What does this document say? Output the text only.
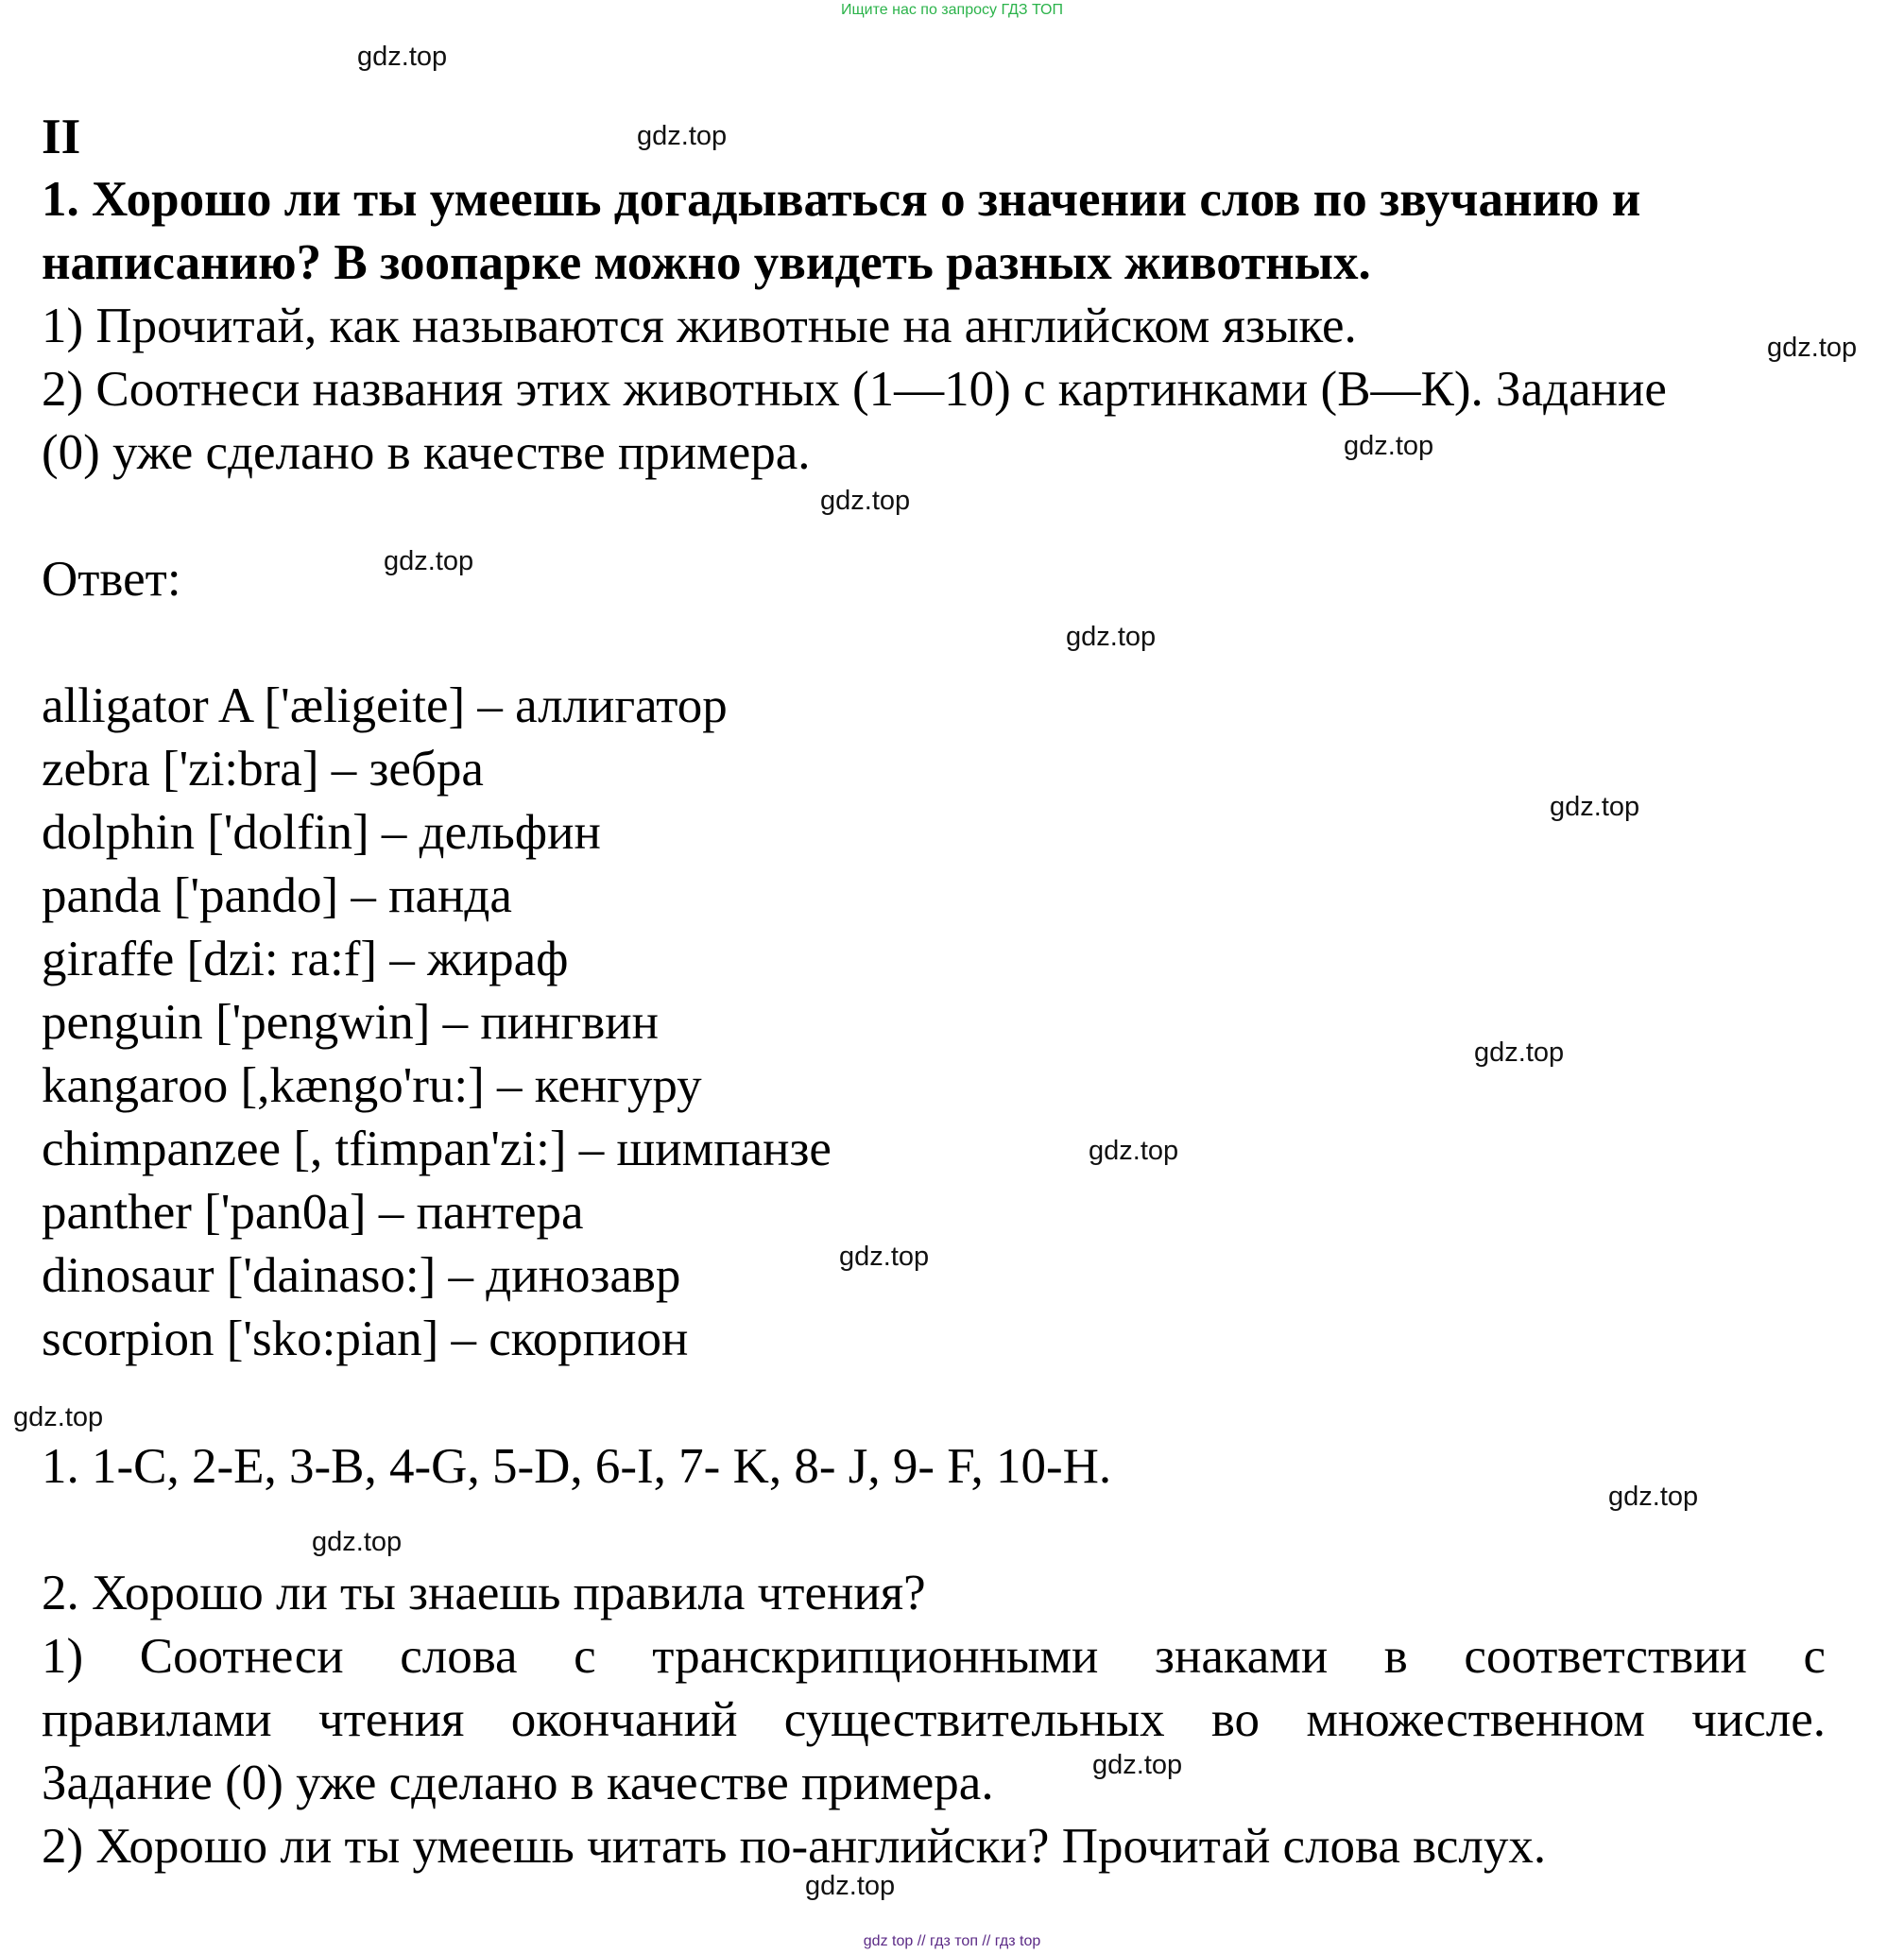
Ищите нас по запросу ГДЗ ТОП
gdz.top
gdz.top
gdz.top
gdz.top
gdz.top
gdz.top
gdz.top
gdz.top
gdz.top
gdz.top
gdz.top
gdz.top
gdz.top
gdz.top
gdz.top
gdz.top
II
1. Хорошо ли ты умеешь догадываться о значении слов по звучанию и
написанию? В зоопарке можно увидеть разных животных.
1) Прочитай, как называются животные на английском языке.
2) Соотнеси названия этих животных (1—10) с картинками (В—К). Задание
(0) уже сделано в качестве примера.
Ответ:
alligator A ['æligeite] – аллигатор
zebra ['zi:bra] – зебра
dolphin ['dolfin] – дельфин
panda ['pando] – панда
giraffe [dzi: ra:f] – жираф
penguin ['pengwin] – пингвин
kangaroo [,kængo'ru:] – кенгуру
chimpanzee [, tfimpan'zi:] – шимпанзе
panther ['pan0a] – пантера
dinosaur ['dainaso:] – динозавр
scorpion ['sko:pian] – скорпион
1. 1-C, 2-E, 3-B, 4-G, 5-D, 6-I, 7- K, 8- J, 9- F, 10-H.
2. Хорошо ли ты знаешь правила чтения?
1) Соотнеси слова с транскрипционными знаками в соответствии с
правилами чтения окончаний существительных во множественном числе.
Задание (0) уже сделано в качестве примера.
2) Хорошо ли ты умеешь читать по-английски? Прочитай слова вслух.
gdz top // гдз топ // гдз top
